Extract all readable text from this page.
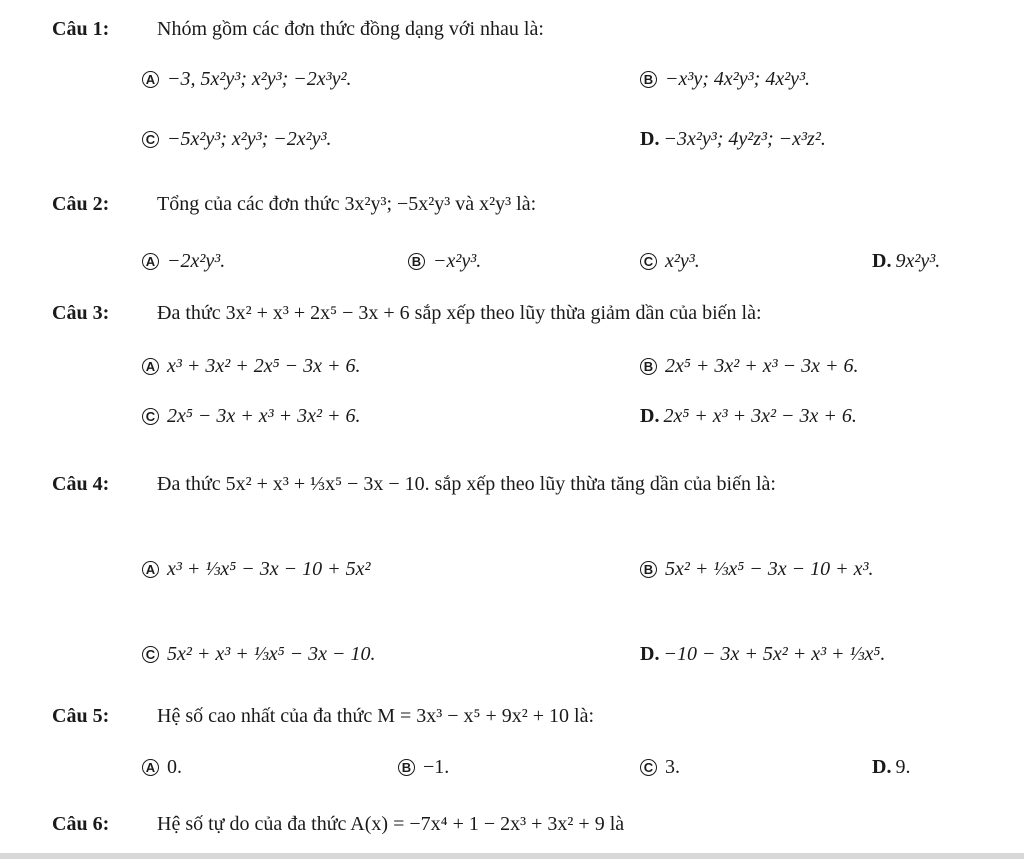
Câu 1: Nhóm gồm các đơn thức đồng dạng với nhau là:
A −3, 5x²y³; x²y³; −2x³y².	B −x³y; 4x²y³; 4x²y³.
C −5x²y³; x²y³; −2x²y³.	D. −3x²y³; 4y²z³; −x³z².
Câu 2: Tổng của các đơn thức 3x²y³; −5x²y³ và x²y³ là:
A −2x²y³.	B −x²y³.	C x²y³.	D. 9x²y³.
Câu 3: Đa thức 3x² + x³ + 2x⁵ − 3x + 6 sắp xếp theo lũy thừa giảm dần của biến là:
A x³ + 3x² + 2x⁵ − 3x + 6.	B 2x⁵ + 3x² + x³ − 3x + 6.
C 2x⁵ − 3x + x³ + 3x² + 6.	D. 2x⁵ + x³ + 3x² − 3x + 6.
Câu 4: Đa thức 5x² + x³ + ⅓x⁵ − 3x − 10. sắp xếp theo lũy thừa tăng dần của biến là:
A x³ + ⅓x⁵ − 3x − 10 + 5x²	B 5x² + ⅓x⁵ − 3x − 10 + x³.
C 5x² + x³ + ⅓x⁵ − 3x − 10.	D. −10 − 3x + 5x² + x³ + ⅓x⁵.
Câu 5: Hệ số cao nhất của đa thức M = 3x³ − x⁵ + 9x² + 10 là:
A 0.	B −1.	C 3.	D. 9.
Câu 6: Hệ số tự do của đa thức A(x) = −7x⁴ + 1 − 2x³ + 3x² + 9 là
